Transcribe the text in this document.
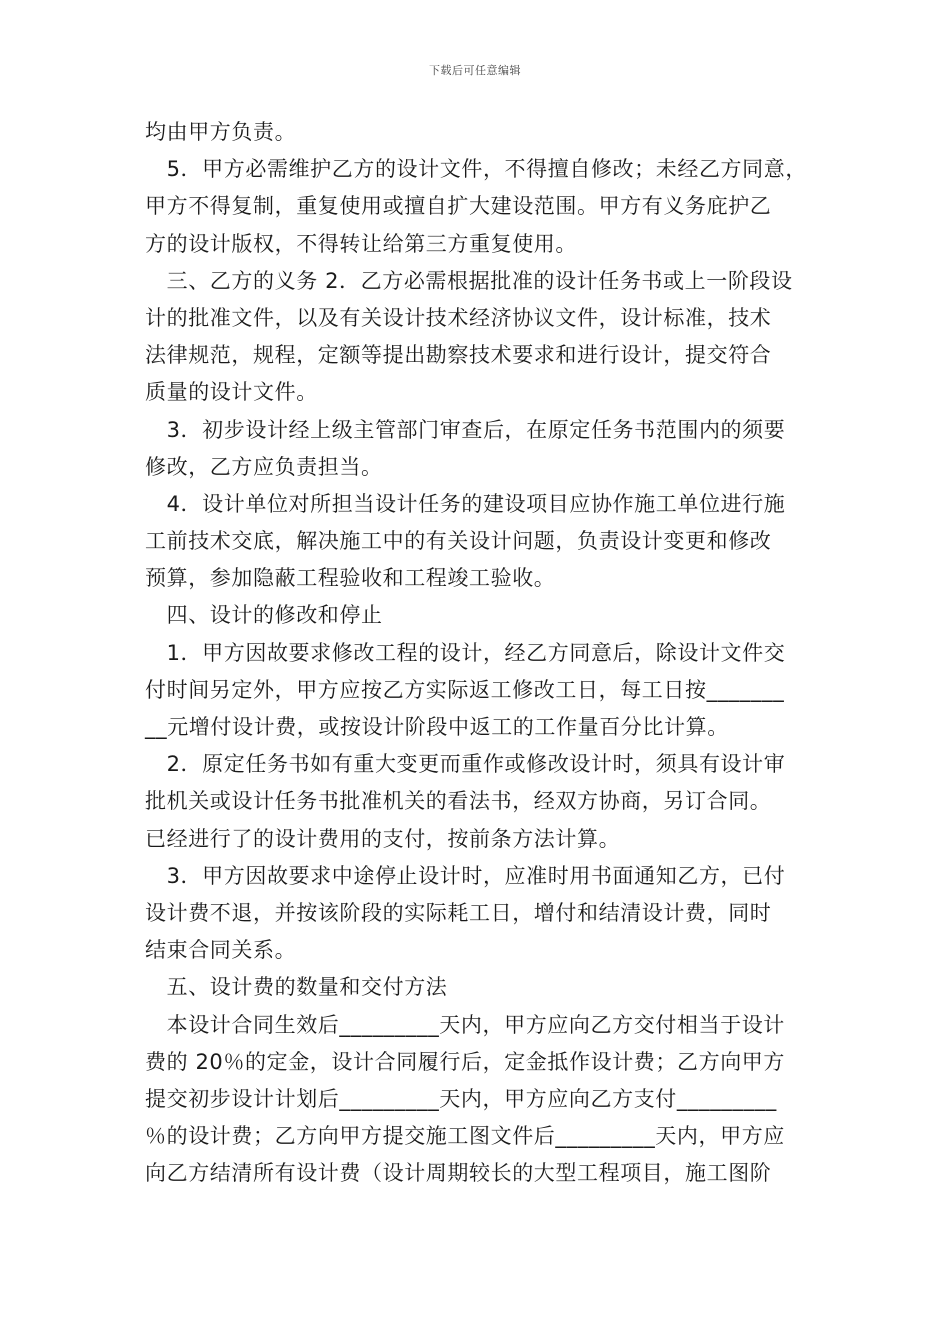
下载后可任意编辑
均由甲方负责。
　5．甲方必需维护乙方的设计文件，不得擅自修改；未经乙方同意，
甲方不得复制，重复使用或擅自扩大建设范围。甲方有义务庇护乙
方的设计版权，不得转让给第三方重复使用。
　三、乙方的义务 2．乙方必需根据批准的设计任务书或上一阶段设
计的批准文件，以及有关设计技术经济协议文件，设计标准，技术
法律规范，规程，定额等提出勘察技术要求和进行设计，提交符合
质量的设计文件。
　3．初步设计经上级主管部门审查后，在原定任务书范围内的须要
修改，乙方应负责担当。
　4．设计单位对所担当设计任务的建设项目应协作施工单位进行施
工前技术交底，解决施工中的有关设计问题，负责设计变更和修改
预算，参加隐蔽工程验收和工程竣工验收。
　四、设计的修改和停止
　1．甲方因故要求修改工程的设计，经乙方同意后，除设计文件交
付时间另定外，甲方应按乙方实际返工修改工日，每工日按_______
__元增付设计费，或按设计阶段中返工的工作量百分比计算。
　2．原定任务书如有重大变更而重作或修改设计时，须具有设计审
批机关或设计任务书批准机关的看法书，经双方协商，另订合同。
已经进行了的设计费用的支付，按前条方法计算。
　3．甲方因故要求中途停止设计时，应准时用书面通知乙方，已付
设计费不退，并按该阶段的实际耗工日，增付和结清设计费，同时
结束合同关系。
　五、设计费的数量和交付方法
　本设计合同生效后_________天内，甲方应向乙方交付相当于设计
费的 20％的定金，设计合同履行后，定金抵作设计费；乙方向甲方
提交初步设计计划后_________天内，甲方应向乙方支付_________
％的设计费；乙方向甲方提交施工图文件后_________天内，甲方应
向乙方结清所有设计费（设计周期较长的大型工程项目，施工图阶
